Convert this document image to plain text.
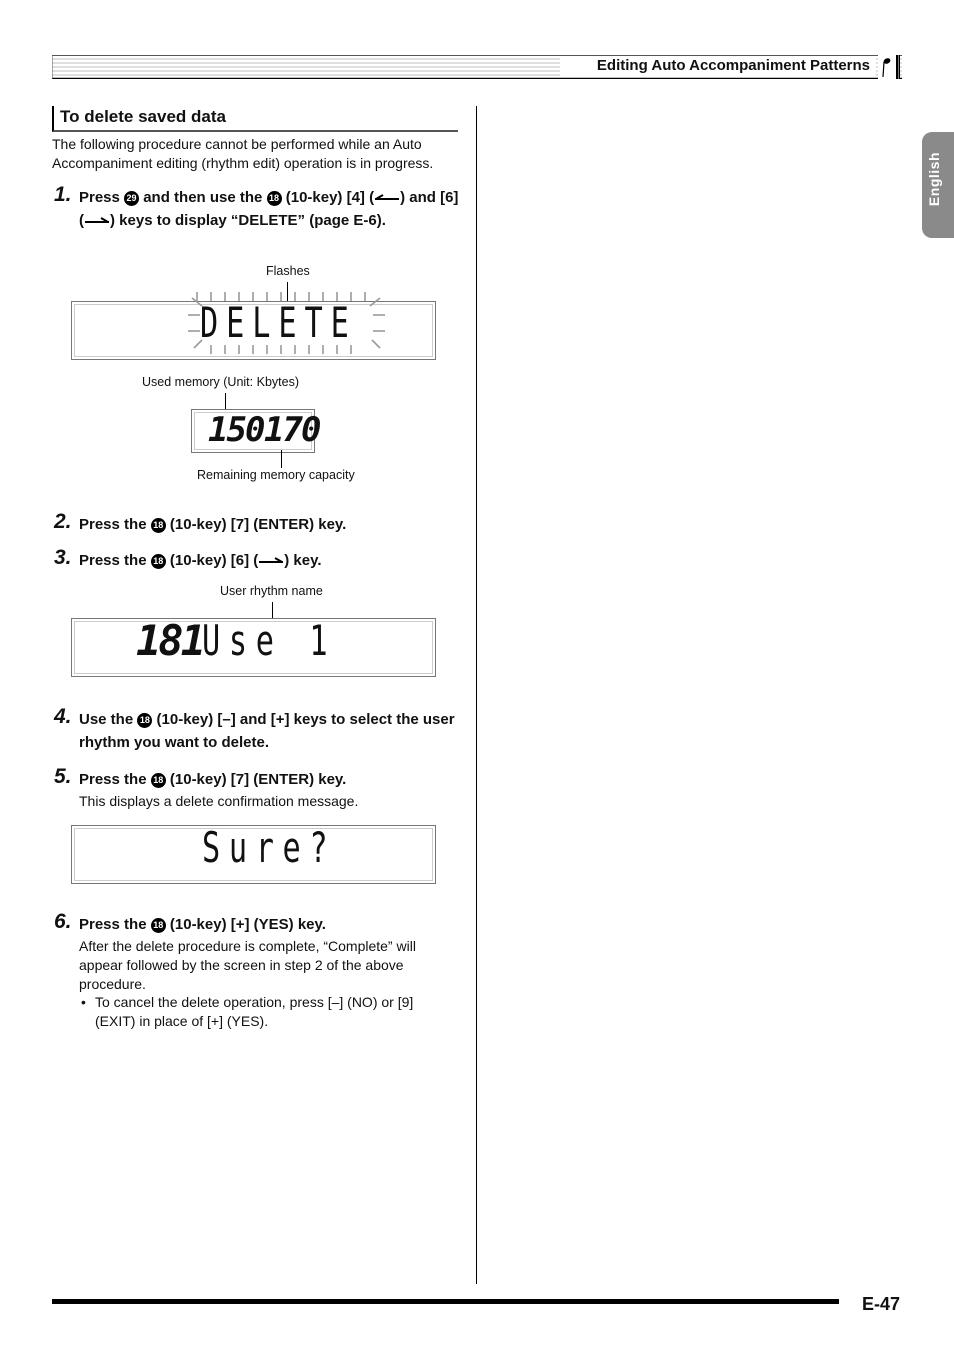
Editing Auto Accompaniment Patterns
English
To delete saved data
The following procedure cannot be performed while an Auto Accompaniment editing (rhythm edit) operation is in progress.
1. Press 29 and then use the 18 (10-key) [4] ( ) and [6] ( ) keys to display “DELETE” (page E-6).
Flashes
DELETE
Used memory (Unit: Kbytes)
150 170
Remaining memory capacity
2. Press the 18 (10-key) [7] (ENTER) key.
3. Press the 18 (10-key) [6] ( ) key.
User rhythm name
181 Use 1
4. Use the 18 (10-key) [–] and [+] keys to select the user rhythm you want to delete.
5. Press the 18 (10-key) [7] (ENTER) key.
This displays a delete confirmation message.
Sure?
6. Press the 18 (10-key) [+] (YES) key.
After the delete procedure is complete, “Complete” will appear followed by the screen in step 2 of the above procedure.
• To cancel the delete operation, press [–] (NO) or [9] (EXIT) in place of [+] (YES).
E-47
